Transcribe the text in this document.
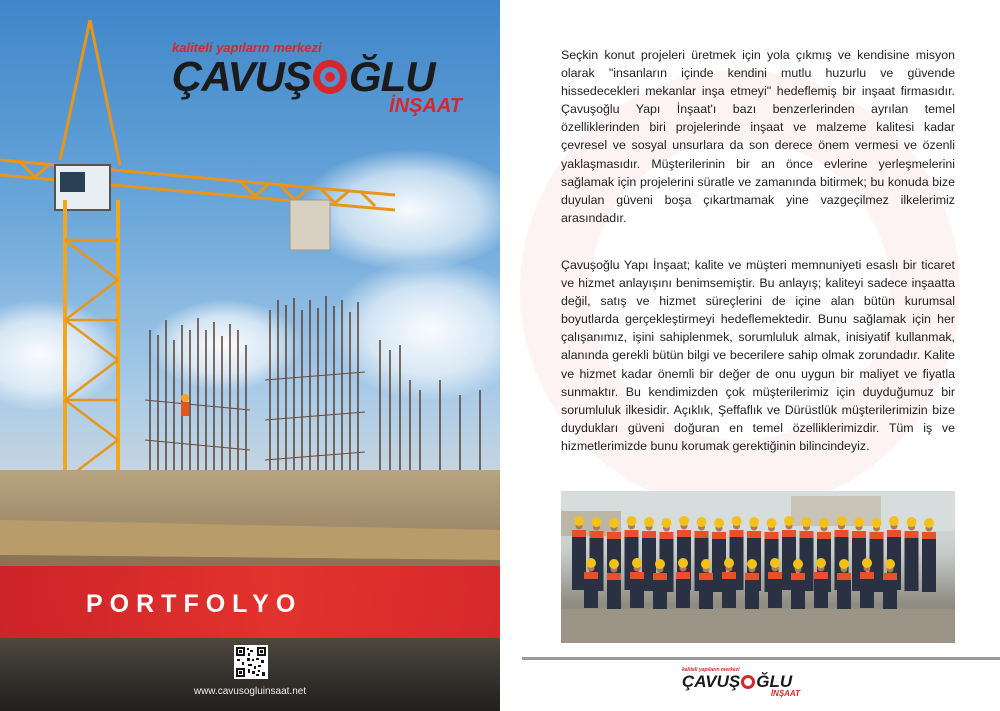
PORTFOLYO
www.cavusogluinsaat.net
kaliteli yapıların merkezi
ÇAVUŞ ĞLU
İNŞAAT

Seçkin konut projeleri üretmek için yola çıkmış ve kendisine misyon olarak "insanların içinde kendini mutlu huzurlu ve güvende hissedecekleri mekanlar inşa etmeyi" hedeflemiş bir inşaat firmasıdır. Çavuşoğlu Yapı İnşaat'ı bazı benzerlerinden ayrılan temel özelliklerinden biri projelerinde inşaat ve malzeme kalitesi kadar çevresel ve sosyal unsurlara da son derece önem vermesi ve özenli yaklaşmasıdır. Müşterilerinin bir an önce evlerine yerleşmelerini sağlamak için projelerini süratle ve zamanında bitirmek; bu konuda bize duyulan güveni boşa çıkartmamak yine vazgeçilmez ilkelerimiz arasındadır.

Çavuşoğlu Yapı İnşaat; kalite ve müşteri memnuniyeti esaslı bir ticaret ve hizmet anlayışını benimsemiştir. Bu anlayış; kaliteyi sadece inşaatta değil, satış ve hizmet süreçlerini de içine alan bütün kurumsal boyutlarda gerçekleştirmeyi hedeflemektedir. Bunu sağlamak için her çalışanımız, işini sahiplenmek, sorumluluk almak, inisiyatif kullanmak, alanında gerekli bütün bilgi ve becerilere sahip olmak zorundadır. Kalite ve hizmet kadar önemli bir değer de onu uygun bir maliyet ve fiyatla sunmaktır. Bu kendimizden çok müşterilerimiz için duyduğumuz bir sorumluluk ilkesidir. Açıklık, Şeffaflık ve Dürüstlük müşterilerimizin bize duydukları güveni doğuran en temel özelliklerimizdir. Tüm iş ve hizmetlerimizde bunu korumak gerektiğinin bilincindeyiz.

kaliteli yapıların merkezi
ÇAVUŞ ĞLU
İNŞAAT
